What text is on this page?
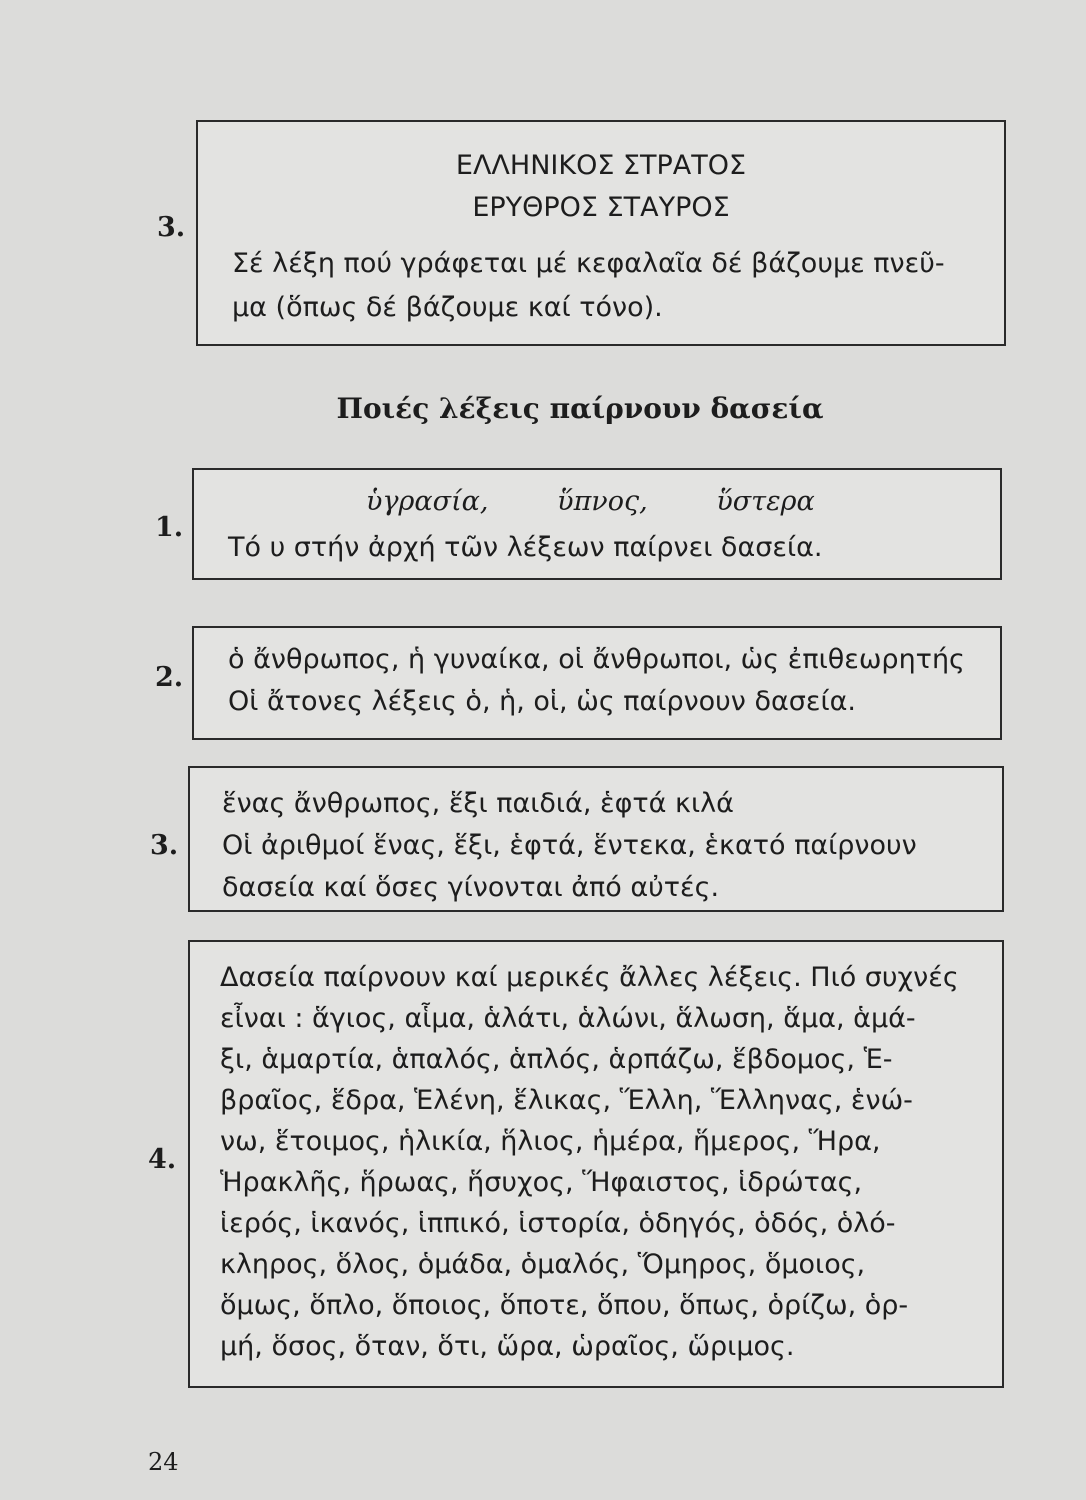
3.
ΕΛΛΗΝΙΚΟΣ ΣΤΡΑΤΟΣ
ΕΡΥΘΡΟΣ ΣΤΑΥΡΟΣ
Σέ λέξη πού γράφεται μέ κεφαλαῖα δέ βάζουμε πνεῦ-
μα (ὅπως δέ βάζουμε καί τόνο).
Ποιές λέξεις παίρνουν δασεία
1.
ὑγρασία,        ὕπνος,        ὕστερα
Τό υ στήν ἀρχή τῶν λέξεων παίρνει δασεία.
2.
ὁ ἄνθρωπος, ἡ γυναίκα, οἱ ἄνθρωποι, ὡς ἐπιθεωρητής
Οἱ ἄτονες λέξεις ὁ, ἡ, οἱ, ὡς παίρνουν δασεία.
3.
ἕνας ἄνθρωπος, ἕξι παιδιά, ἑφτά κιλά
Οἱ ἀριθμοί ἕνας, ἕξι, ἑφτά, ἕντεκα, ἑκατό παίρνουν
δασεία καί ὅσες γίνονται ἀπό αὐτές.
4.
Δασεία παίρνουν καί μερικές ἄλλες λέξεις. Πιό συχνές
εἶναι : ἅγιος, αἷμα, ἁλάτι, ἁλώνι, ἅλωση, ἅμα, ἁμά-
ξι, ἁμαρτία, ἁπαλός, ἁπλός, ἁρπάζω, ἕβδομος, Ἑ-
βραῖος, ἕδρα, Ἑλένη, ἕλικας, Ἕλλη, Ἕλληνας, ἑνώ-
νω, ἕτοιμος, ἡλικία, ἥλιος, ἡμέρα, ἥμερος, Ἥρα,
Ἡρακλῆς, ἥρωας, ἥσυχος, Ἥφαιστος, ἱδρώτας,
ἱερός, ἱκανός, ἱππικό, ἱστορία, ὁδηγός, ὁδός, ὁλό-
κληρος, ὅλος, ὁμάδα, ὁμαλός, Ὅμηρος, ὅμοιος,
ὅμως, ὅπλο, ὅποιος, ὅποτε, ὅπου, ὅπως, ὁρίζω, ὁρ-
μή, ὅσος, ὅταν, ὅτι, ὥρα, ὡραῖος, ὥριμος.
24
